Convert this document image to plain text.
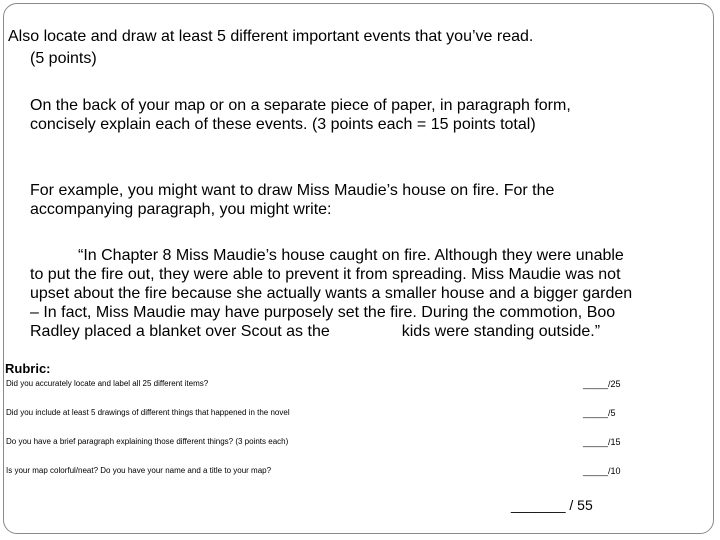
Also locate and draw at least 5 different important events that you’ve read.
(5 points)
On the back of your map or on a separate piece of paper, in paragraph form,
concisely explain each of these events. (3 points each = 15 points total)
For example, you might want to draw Miss Maudie’s house on fire. For the
accompanying paragraph, you might write:
“In Chapter 8 Miss Maudie’s house caught on fire. Although they were unable
to put the fire out, they were able to prevent it from spreading. Miss Maudie was not
upset about the fire because she actually wants a smaller house and a bigger garden
– In fact, Miss Maudie may have purposely set the fire. During the commotion, Boo
Radley placed a blanket over Scout as the	kids were standing outside.”
Rubric:
Did you accurately locate and label all 25 different items?	_____/25
Did you include at least 5 drawings of different things that happened in the novel	_____/5
Do you have a brief paragraph explaining those different things? (3 points each)	_____/15
Is your map colorful/neat? Do you have your name and a title to your map?	_____/10
_______ / 55
